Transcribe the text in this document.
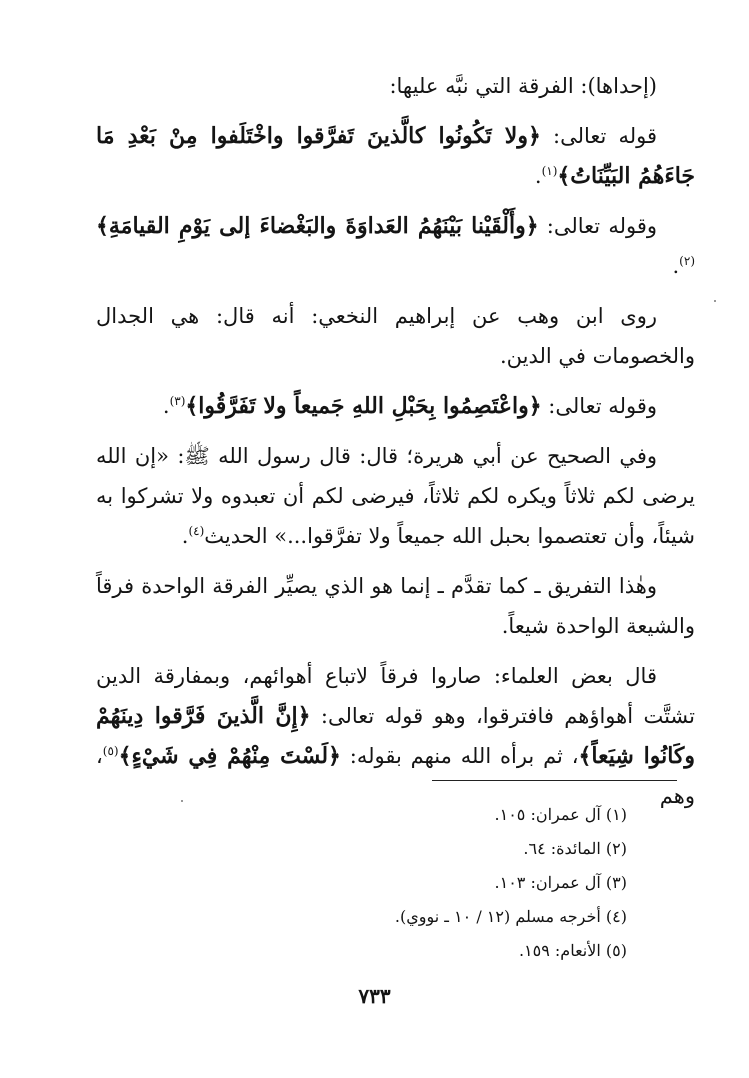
(إحداها): الفرقة التي نبَّه عليها:

قوله تعالى: ﴿ولا تَكُونُوا كالَّذينَ تَفرَّقوا واخْتَلَفوا مِنْ بَعْدِ مَا جَاءَهُمُ البَيِّنَاتُ﴾$^{(١)}$.

وقوله تعالى: ﴿وأَلْقَيْنا بَيْنَهُمُ العَداوَةَ والبَغْضاءَ إلى يَوْمِ القيامَةِ﴾$^{(٢)}$.

روى ابن وهب عن إبراهيم النخعي: أنه قال: هي الجدال والخصومات في الدين.

وقوله تعالى: ﴿واعْتَصِمُوا بِحَبْلِ اللهِ جَميعاً ولا تَفَرَّقُوا﴾$^{(٣)}$.

وفي الصحيح عن أبي هريرة؛ قال: قال رسول الله ﷺ: «إن الله يرضى لكم ثلاثاً ويكره لكم ثلاثاً، فيرضى لكم أن تعبدوه ولا تشركوا به شيئاً، وأن تعتصموا بحبل الله جميعاً ولا تفرَّقوا...» الحديث$^{(٤)}$.

وهٰذا التفريق ـ كما تقدَّم ـ إنما هو الذي يصيِّر الفرقة الواحدة فرقاً والشيعة الواحدة شيعاً.

قال بعض العلماء: صاروا فرقاً لاتباع أهوائهم، وبمفارقة الدين تشتَّت أهواؤهم فافترقوا، وهو قوله تعالى: ﴿إِنَّ الَّذينَ فَرَّقوا دِينَهُمْ وكَانُوا شِيَعاً﴾، ثم برأه الله منهم بقوله: ﴿لَسْتَ مِنْهُمْ فِي شَيْءٍ﴾$^{(٥)}$، وهم

(١) آل عمران: ١٠٥.
(٢) المائدة: ٦٤.
(٣) آل عمران: ١٠٣.
(٤) أخرجه مسلم (١٢ / ١٠ ـ نووي).
(٥) الأنعام: ١٥٩.
٧٣٣
